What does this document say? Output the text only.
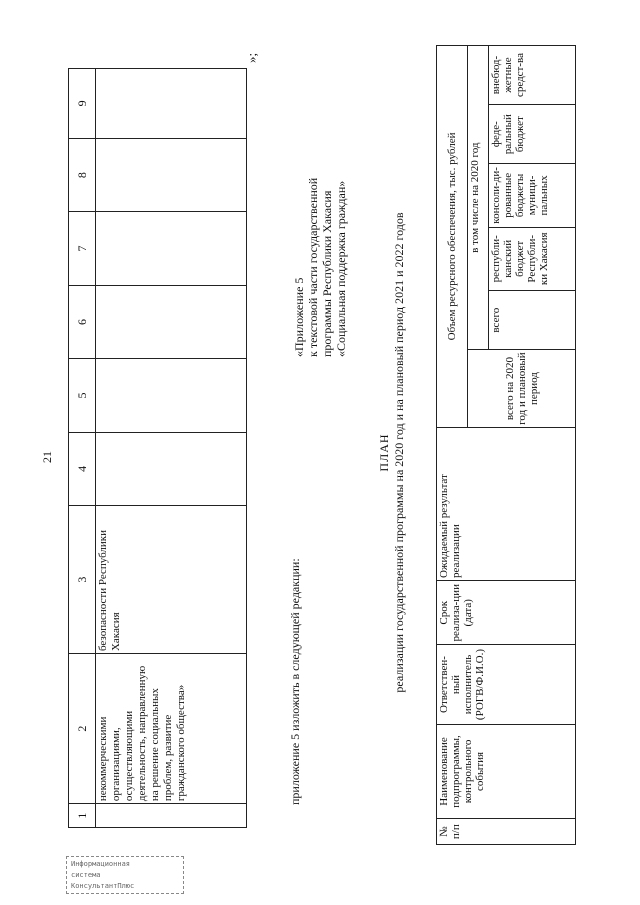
21
1	2	3	4	5	6	7	8	9
	некоммерческими организациями, осуществляющими деятельность, направленную на решение социальных проблем, развитие гражданского общества»	безопасности Республики Хакасия						
»;
приложение 5 изложить в следующей редакции:
«Приложение 5 к текстовой части государственной программы Республики Хакасия «Социальная поддержка граждан»
ПЛАН реализации государственной программы на 2020 год и на плановый период 2021 и 2022 годов
№ п/п	Наименование подпрограммы, контрольного события	Ответствен-ный исполнитель (РОГВ/Ф.И.О.)	Срок реализа-ции (дата)	Ожидаемый результат реализации	Объем ресурсного обеспечения, тыс. рублей					
					всего на 2020 год и плановый период	в том числе на 2020 год				
						всего	республи-канский бюджет Республи-ки Хакасия	консоли-ди-рованные бюджеты муници-пальных	феде-ральный бюджет	внебюд-жетные средст-ва
Информационная
система
КонсультантПлюс
